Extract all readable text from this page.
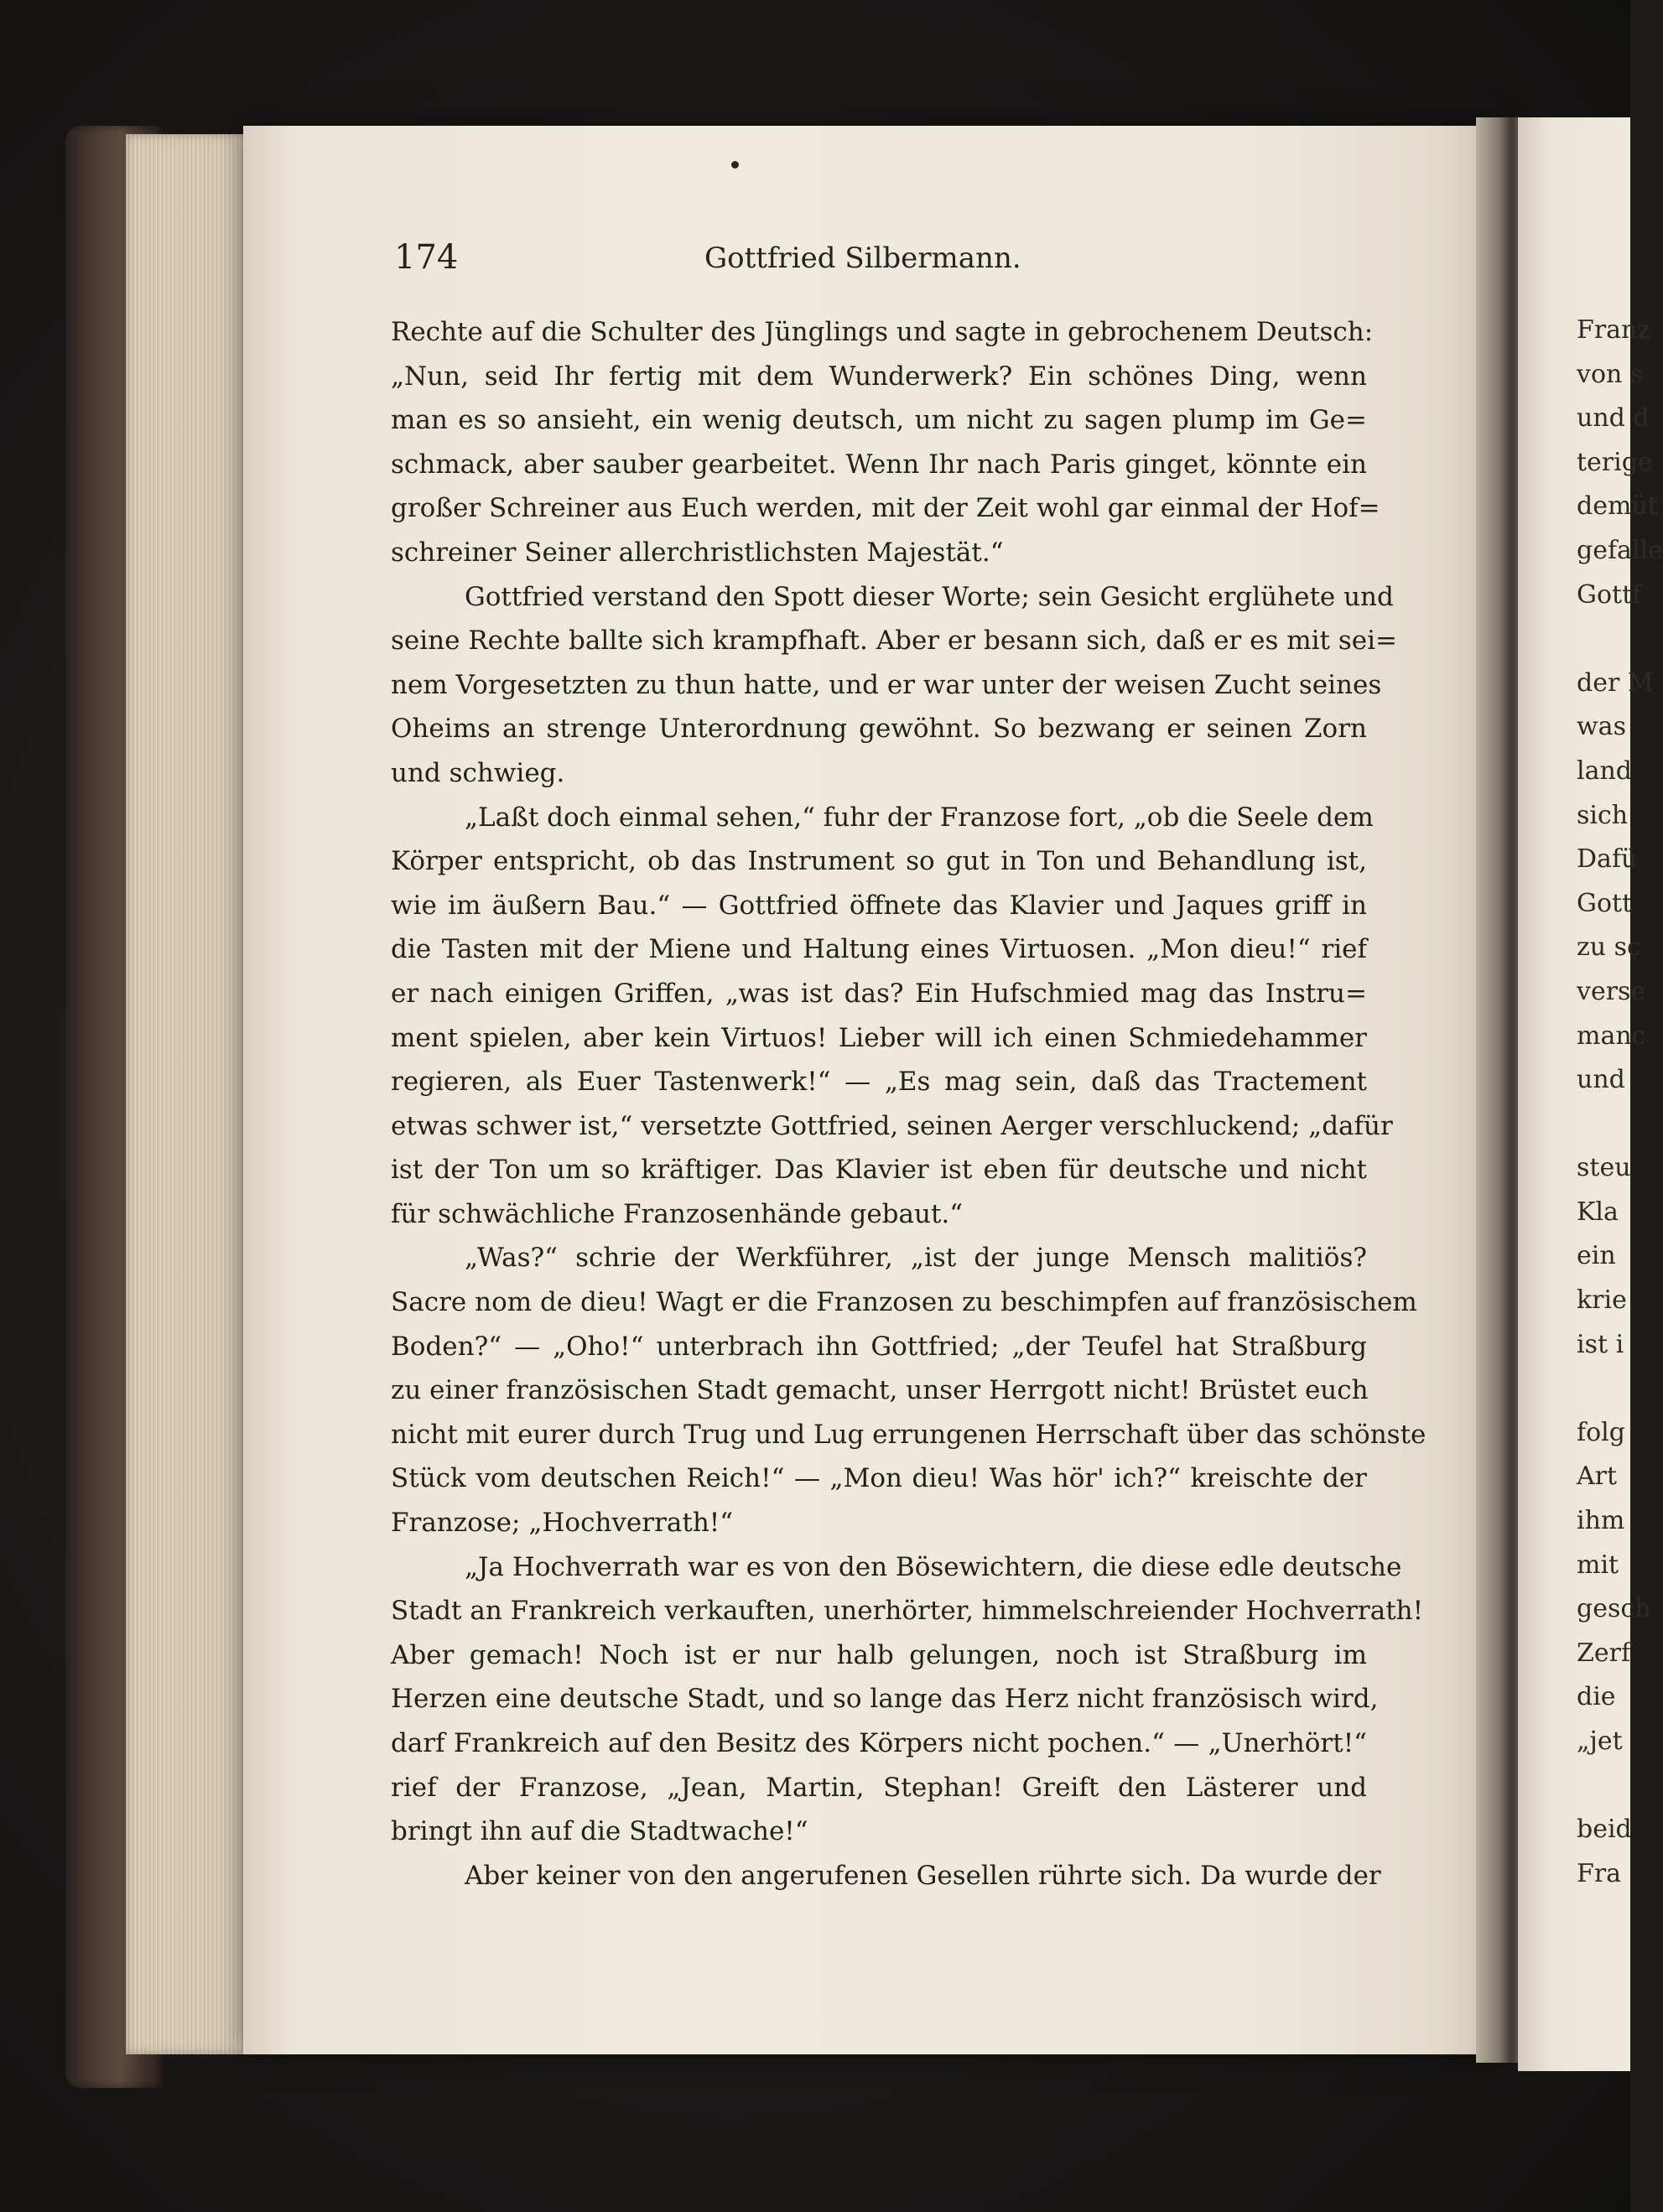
Franz
von s
und d
terige
demüt
gefalle
Gottf
der M
was
land
sich
Dafü
Gott
zu sc
verse
manc
und
steu
Kla
ein
krie
ist i
folg
Art
ihm
mit
gesch
Zerf
die
„jet
beid
Fra
174	Gottfried Silbermann.
Rechte auf die Schulter des Jünglings und sagte in gebrochenem Deutsch:
„Nun, seid Ihr fertig mit dem Wunderwerk? Ein schönes Ding, wenn
man es so ansieht, ein wenig deutsch, um nicht zu sagen plump im Ge=
schmack, aber sauber gearbeitet. Wenn Ihr nach Paris ginget, könnte ein
großer Schreiner aus Euch werden, mit der Zeit wohl gar einmal der Hof=
schreiner Seiner allerchristlichsten Majestät.“
Gottfried verstand den Spott dieser Worte; sein Gesicht erglühete und
seine Rechte ballte sich krampfhaft. Aber er besann sich, daß er es mit sei=
nem Vorgesetzten zu thun hatte, und er war unter der weisen Zucht seines
Oheims an strenge Unterordnung gewöhnt. So bezwang er seinen Zorn
und schwieg.
„Laßt doch einmal sehen,“ fuhr der Franzose fort, „ob die Seele dem
Körper entspricht, ob das Instrument so gut in Ton und Behandlung ist,
wie im äußern Bau.“ — Gottfried öffnete das Klavier und Jaques griff in
die Tasten mit der Miene und Haltung eines Virtuosen. „Mon dieu!“ rief
er nach einigen Griffen, „was ist das? Ein Hufschmied mag das Instru=
ment spielen, aber kein Virtuos! Lieber will ich einen Schmiedehammer
regieren, als Euer Tastenwerk!“ — „Es mag sein, daß das Tractement
etwas schwer ist,“ versetzte Gottfried, seinen Aerger verschluckend; „dafür
ist der Ton um so kräftiger. Das Klavier ist eben für deutsche und nicht
für schwächliche Franzosenhände gebaut.“
„Was?“ schrie der Werkführer, „ist der junge Mensch malitiös?
Sacre nom de dieu! Wagt er die Franzosen zu beschimpfen auf französischem
Boden?“ — „Oho!“ unterbrach ihn Gottfried; „der Teufel hat Straßburg
zu einer französischen Stadt gemacht, unser Herrgott nicht! Brüstet euch
nicht mit eurer durch Trug und Lug errungenen Herrschaft über das schönste
Stück vom deutschen Reich!“ — „Mon dieu! Was hör' ich?“ kreischte der
Franzose; „Hochverrath!“
„Ja Hochverrath war es von den Bösewichtern, die diese edle deutsche
Stadt an Frankreich verkauften, unerhörter, himmelschreiender Hochverrath!
Aber gemach! Noch ist er nur halb gelungen, noch ist Straßburg im
Herzen eine deutsche Stadt, und so lange das Herz nicht französisch wird,
darf Frankreich auf den Besitz des Körpers nicht pochen.“ — „Unerhört!“
rief der Franzose, „Jean, Martin, Stephan! Greift den Lästerer und
bringt ihn auf die Stadtwache!“
Aber keiner von den angerufenen Gesellen rührte sich. Da wurde der
